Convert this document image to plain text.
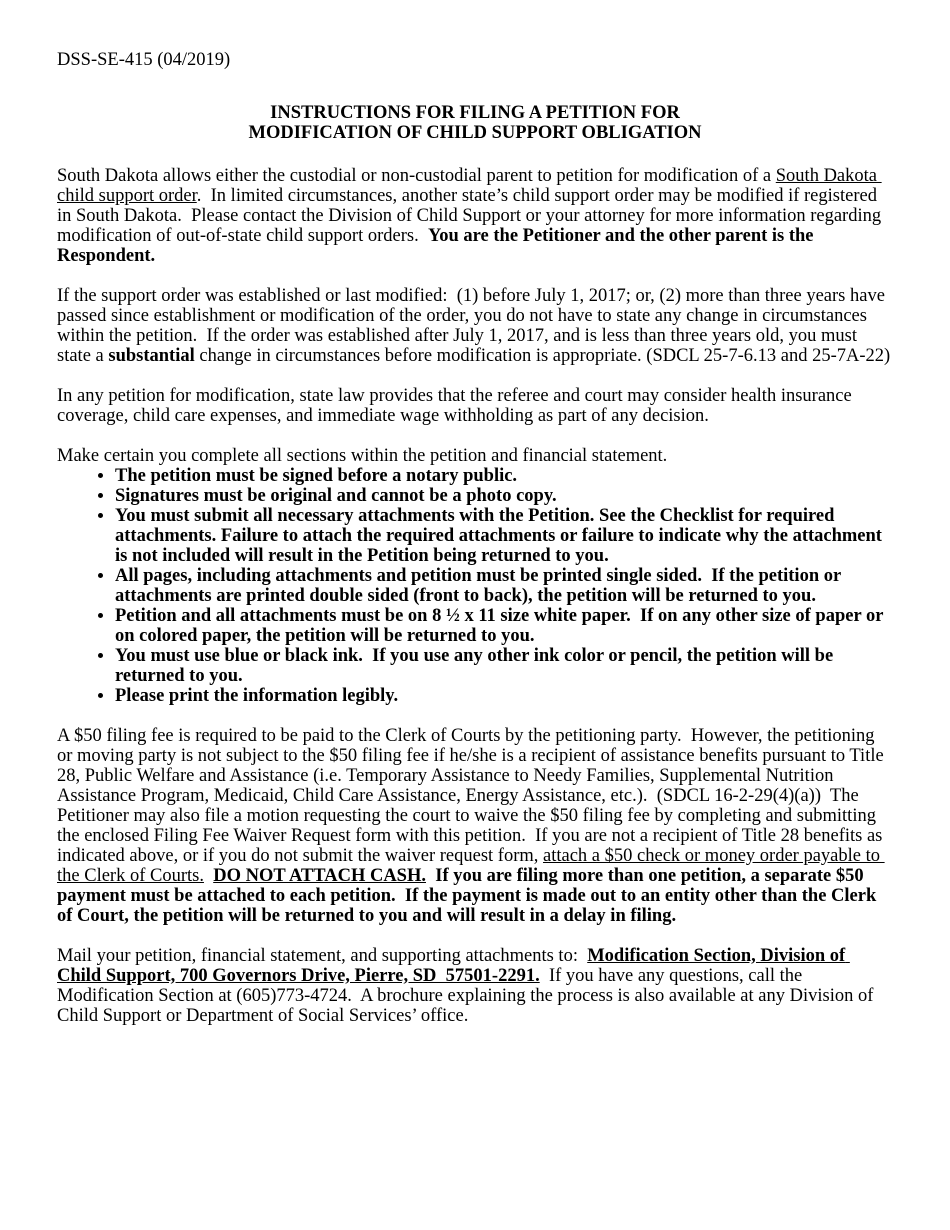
DSS-SE-415 (04/2019)
INSTRUCTIONS FOR FILING A PETITION FOR
MODIFICATION OF CHILD SUPPORT OBLIGATION

South Dakota allows either the custodial or non-custodial parent to petition for modification of a South Dakota child support order.  In limited circumstances, another state’s child support order may be modified if registered in South Dakota.  Please contact the Division of Child Support or your attorney for more information regarding modification of out-of-state child support orders.  You are the Petitioner and the other parent is the Respondent.

If the support order was established or last modified:  (1) before July 1, 2017; or, (2) more than three years have passed since establishment or modification of the order, you do not have to state any change in circumstances within the petition.  If the order was established after July 1, 2017, and is less than three years old, you must state a substantial change in circumstances before modification is appropriate. (SDCL 25-7-6.13 and 25-7A-22)

In any petition for modification, state law provides that the referee and court may consider health insurance coverage, child care expenses, and immediate wage withholding as part of any decision.

Make certain you complete all sections within the petition and financial statement.

• The petition must be signed before a notary public.
• Signatures must be original and cannot be a photo copy.
• You must submit all necessary attachments with the Petition. See the Checklist for required attachments. Failure to attach the required attachments or failure to indicate why the attachment is not included will result in the Petition being returned to you.
• All pages, including attachments and petition must be printed single sided.  If the petition or attachments are printed double sided (front to back), the petition will be returned to you.
• Petition and all attachments must be on 8 ½ x 11 size white paper.  If on any other size of paper or on colored paper, the petition will be returned to you.
• You must use blue or black ink.  If you use any other ink color or pencil, the petition will be returned to you.
• Please print the information legibly.

A $50 filing fee is required to be paid to the Clerk of Courts by the petitioning party.  However, the petitioning or moving party is not subject to the $50 filing fee if he/she is a recipient of assistance benefits pursuant to Title 28, Public Welfare and Assistance (i.e. Temporary Assistance to Needy Families, Supplemental Nutrition Assistance Program, Medicaid, Child Care Assistance, Energy Assistance, etc.).  (SDCL 16-2-29(4)(a))  The Petitioner may also file a motion requesting the court to waive the $50 filing fee by completing and submitting the enclosed Filing Fee Waiver Request form with this petition.  If you are not a recipient of Title 28 benefits as indicated above, or if you do not submit the waiver request form, attach a $50 check or money order payable to the Clerk of Courts. DO NOT ATTACH CASH. If you are filing more than one petition, a separate $50 payment must be attached to each petition.  If the payment is made out to an entity other than the Clerk of Court, the petition will be returned to you and will result in a delay in filing.

Mail your petition, financial statement, and supporting attachments to:  Modification Section, Division of Child Support, 700 Governors Drive, Pierre, SD  57501-2291.  If you have any questions, call the Modification Section at (605)773-4724.  A brochure explaining the process is also available at any Division of Child Support or Department of Social Services’ office.
